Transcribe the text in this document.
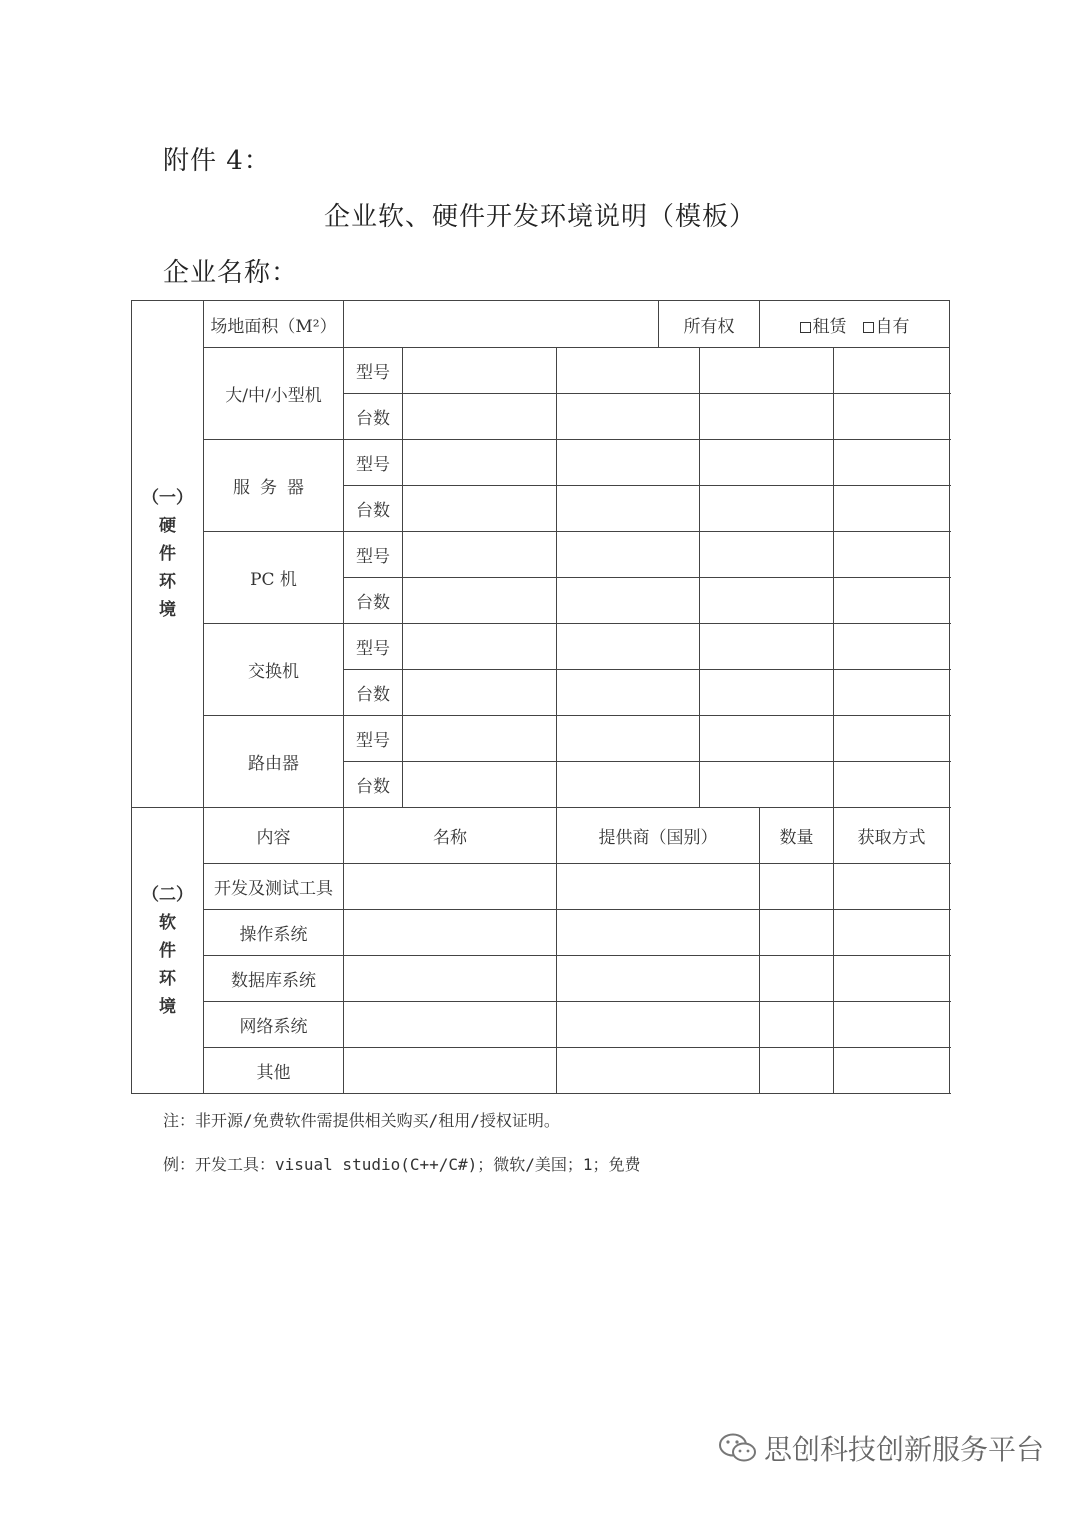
附件 4：
企业软、硬件开发环境说明（模板）
企业名称：
（一）
硬
件
环
境	场地面积（M²）				所有权		租赁 自有	
	大/中/小型机	型号						
		台数						
	服务器	型号						
		台数						
	PC 机	型号						
		台数						
	交换机	型号						
		台数						
	路由器	型号						
		台数						

（二）
软
件
环
境	内容	名称		提供商（国别）			数量	获取方式
	开发及测试工具							
	操作系统							
	数据库系统							
	网络系统							
	其他							
注：非开源/免费软件需提供相关购买/租用/授权证明。
例：开发工具：visual studio(C++/C#)；微软/美国；1；免费
思创科技创新服务平台
